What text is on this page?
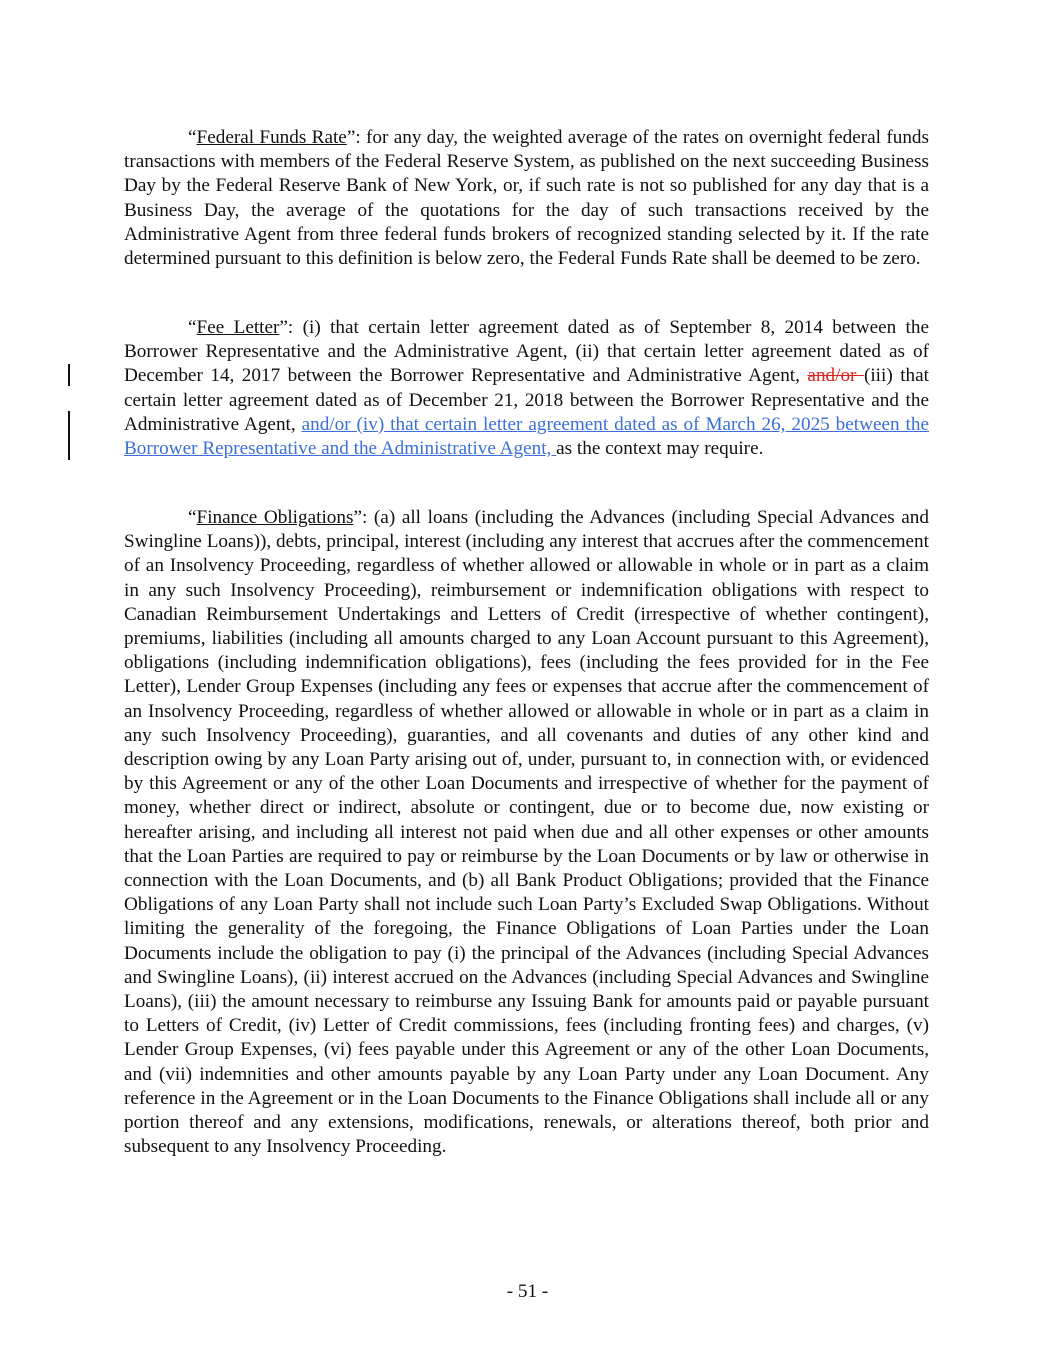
“Federal Funds Rate”: for any day, the weighted average of the rates on overnight federal funds transactions with members of the Federal Reserve System, as published on the next succeeding Business Day by the Federal Reserve Bank of New York, or, if such rate is not so published for any day that is a Business Day, the average of the quotations for the day of such transactions received by the Administrative Agent from three federal funds brokers of recognized standing selected by it. If the rate determined pursuant to this definition is below zero, the Federal Funds Rate shall be deemed to be zero.

“Fee Letter”: (i) that certain letter agreement dated as of September 8, 2014 between the Borrower Representative and the Administrative Agent, (ii) that certain letter agreement dated as of December 14, 2017 between the Borrower Representative and Administrative Agent, and/or (iii) that certain letter agreement dated as of December 21, 2018 between the Borrower Representative and the Administrative Agent, and/or (iv) that certain letter agreement dated as of March 26, 2025 between the Borrower Representative and the Administrative Agent, as the context may require.

“Finance Obligations”: (a) all loans (including the Advances (including Special Advances and Swingline Loans)), debts, principal, interest (including any interest that accrues after the commencement of an Insolvency Proceeding, regardless of whether allowed or allowable in whole or in part as a claim in any such Insolvency Proceeding), reimbursement or indemnification obligations with respect to Canadian Reimbursement Undertakings and Letters of Credit (irrespective of whether contingent), premiums, liabilities (including all amounts charged to any Loan Account pursuant to this Agreement), obligations (including indemnification obligations), fees (including the fees provided for in the Fee Letter), Lender Group Expenses (including any fees or expenses that accrue after the commencement of an Insolvency Proceeding, regardless of whether allowed or allowable in whole or in part as a claim in any such Insolvency Proceeding), guaranties, and all covenants and duties of any other kind and description owing by any Loan Party arising out of, under, pursuant to, in connection with, or evidenced by this Agreement or any of the other Loan Documents and irrespective of whether for the payment of money, whether direct or indirect, absolute or contingent, due or to become due, now existing or hereafter arising, and including all interest not paid when due and all other expenses or other amounts that the Loan Parties are required to pay or reimburse by the Loan Documents or by law or otherwise in connection with the Loan Documents, and (b) all Bank Product Obligations; provided that the Finance Obligations of any Loan Party shall not include such Loan Party’s Excluded Swap Obligations. Without limiting the generality of the foregoing, the Finance Obligations of Loan Parties under the Loan Documents include the obligation to pay (i) the principal of the Advances (including Special Advances and Swingline Loans), (ii) interest accrued on the Advances (including Special Advances and Swingline Loans), (iii) the amount necessary to reimburse any Issuing Bank for amounts paid or payable pursuant to Letters of Credit, (iv) Letter of Credit commissions, fees (including fronting fees) and charges, (v) Lender Group Expenses, (vi) fees payable under this Agreement or any of the other Loan Documents, and (vii) indemnities and other amounts payable by any Loan Party under any Loan Document. Any reference in the Agreement or in the Loan Documents to the Finance Obligations shall include all or any portion thereof and any extensions, modifications, renewals, or alterations thereof, both prior and subsequent to any Insolvency Proceeding.

- 51 -
